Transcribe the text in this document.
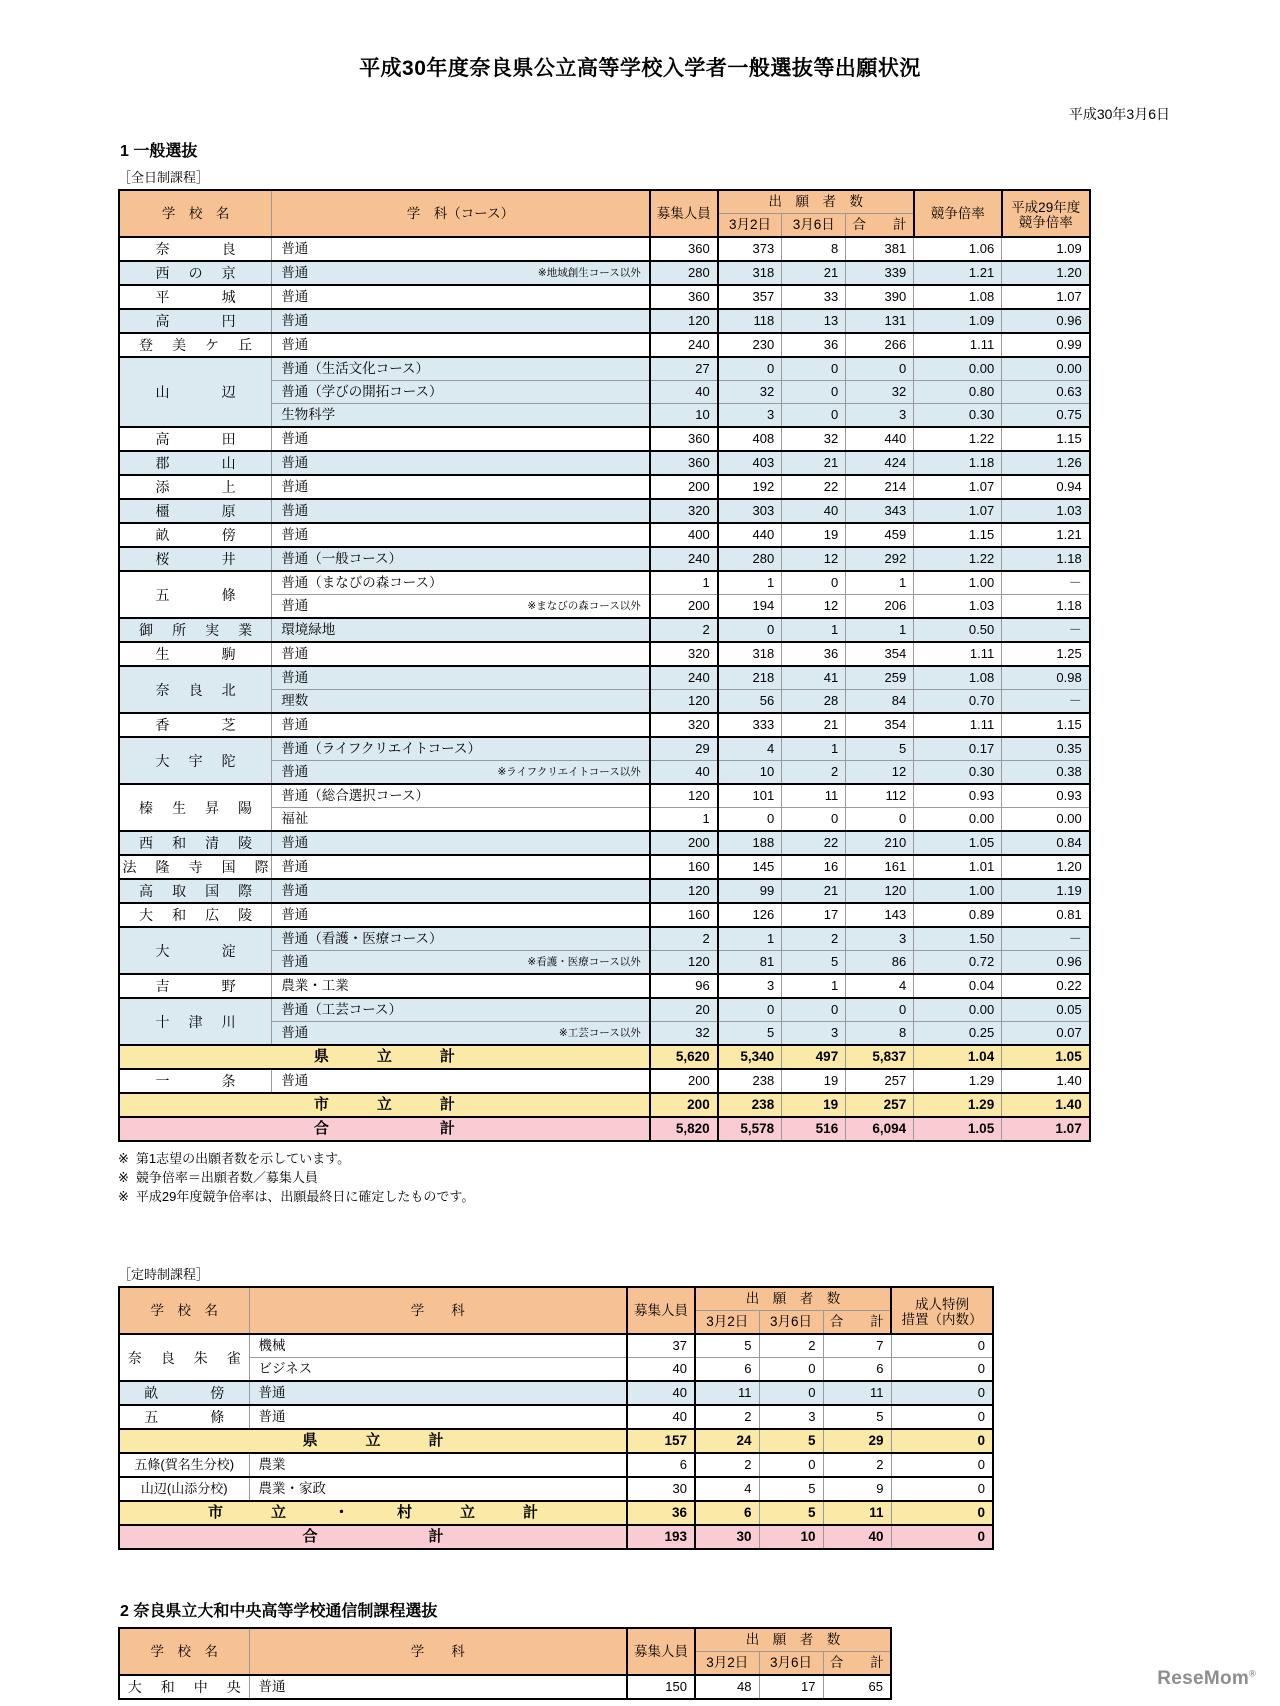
平成30年度奈良県公立高等学校入学者一般選抜等出願状況
平成30年3月6日
1 一般選抜
［全日制課程］
学　校　名	学　科（コース）	募集人員	出　願　者　数			競争倍率	平成29年度
競争倍率

			3月2日	3月6日	合　　計		
奈　　　良	普通	360	373	8	381	1.06	1.09
西　の　京	普通 ※地域創生コース以外	280	318	21	339	1.21	1.20
平　　　城	普通	360	357	33	390	1.08	1.07
高　　　円	普通	120	118	13	131	1.09	0.96
登　美　ケ　丘	普通	240	230	36	266	1.11	0.99
山　　　辺	普通（生活文化コース）	27	0	0	0	0.00	0.00
	普通（学びの開拓コース）	40	32	0	32	0.80	0.63
	生物科学	10	3	0	3	0.30	0.75
高　　　田	普通	360	408	32	440	1.22	1.15
郡　　　山	普通	360	403	21	424	1.18	1.26
添　　　上	普通	200	192	22	214	1.07	0.94
橿　　　原	普通	320	303	40	343	1.07	1.03
畝　　　傍	普通	400	440	19	459	1.15	1.21
桜　　　井	普通（一般コース）	240	280	12	292	1.22	1.18
五　　　條	普通（まなびの森コース）	1	1	0	1	1.00	－
	普通 ※まなびの森コース以外	200	194	12	206	1.03	1.18
御　所　実　業	環境緑地	2	0	1	1	0.50	－
生　　　駒	普通	320	318	36	354	1.11	1.25
奈　良　北	普通	240	218	41	259	1.08	0.98
	理数	120	56	28	84	0.70	－
香　　　芝	普通	320	333	21	354	1.11	1.15
大　宇　陀	普通（ライフクリエイトコース）	29	4	1	5	0.17	0.35
	普通 ※ライフクリエイトコース以外	40	10	2	12	0.30	0.38
榛　生　昇　陽	普通（総合選択コース）	120	101	11	112	0.93	0.93
	福祉	1	0	0	0	0.00	0.00
西　和　清　陵	普通	200	188	22	210	1.05	0.84
法　隆　寺　国　際	普通	160	145	16	161	1.01	1.20
高　取　国　際	普通	120	99	21	120	1.00	1.19
大　和　広　陵	普通	160	126	17	143	0.89	0.81
大　　　淀	普通（看護・医療コース）	2	1	2	3	1.50	－
	普通 ※看護・医療コース以外	120	81	5	86	0.72	0.96
吉　　　野	農業・工業	96	3	1	4	0.04	0.22
十　津　川	普通（工芸コース）	20	0	0	0	0.00	0.05
	普通 ※工芸コース以外	32	5	3	8	0.25	0.07
県　立　計		5,620	5,340	497	5,837	1.04	1.05
一　　　条	普通	200	238	19	257	1.29	1.40
市　立　計		200	238	19	257	1.29	1.40
合　　　計		5,820	5,578	516	6,094	1.05	1.07
※ 第1志望の出願者数を示しています。
※ 競争倍率＝出願者数／募集人員
※ 平成29年度競争倍率は、出願最終日に確定したものです。
［定時制課程］
学　校　名	学　　科	募集人員	出　願　者　数			成人特例
措置（内数）

			3月2日	3月6日	合　　計	
奈　良　朱　雀	機械	37	5	2	7	0
	ビジネス	40	6	0	6	0
畝　　　傍	普通	40	11	0	11	0
五　　　條	普通	40	2	3	5	0
県　立　計		157	24	5	29	0
五條(賀名生分校)	農業	6	2	0	2	0
山辺(山添分校)	農業・家政	30	4	5	9	0
市　立　・　村　立　計		36	6	5	11	0
合　　　計		193	30	10	40	0
2 奈良県立大和中央高等学校通信制課程選抜
学　校　名	学　　科	募集人員	出　願　者　数		
			3月2日	3月6日	合　　計
大　和　中　央	普通	150	48	17	65	ReseMom®
